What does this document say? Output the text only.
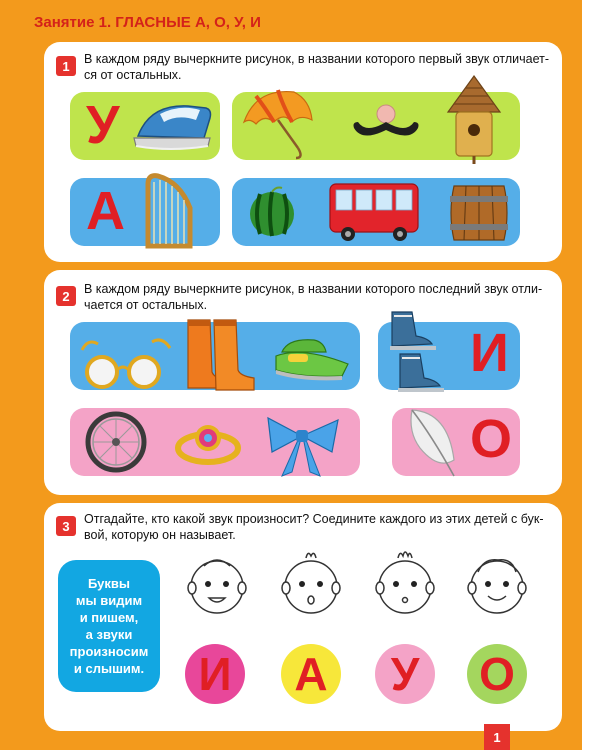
Занятие 1. ГЛАСНЫЕ А, О, У, И
1	В каждом ряду вычеркните рисунок, в названии которого первый звук отличает-
ся от остальных.
У
А
2	В каждом ряду вычеркните рисунок, в названии которого последний звук отли-
чается от остальных.
И
О
3	Отгадайте, кто какой звук произносит? Соедините каждого из этих детей с бук-
вой, которую он называет.
Буквы
мы видим
и пишем,
а звуки
произносим
и слышим.	И А	У	О
1
